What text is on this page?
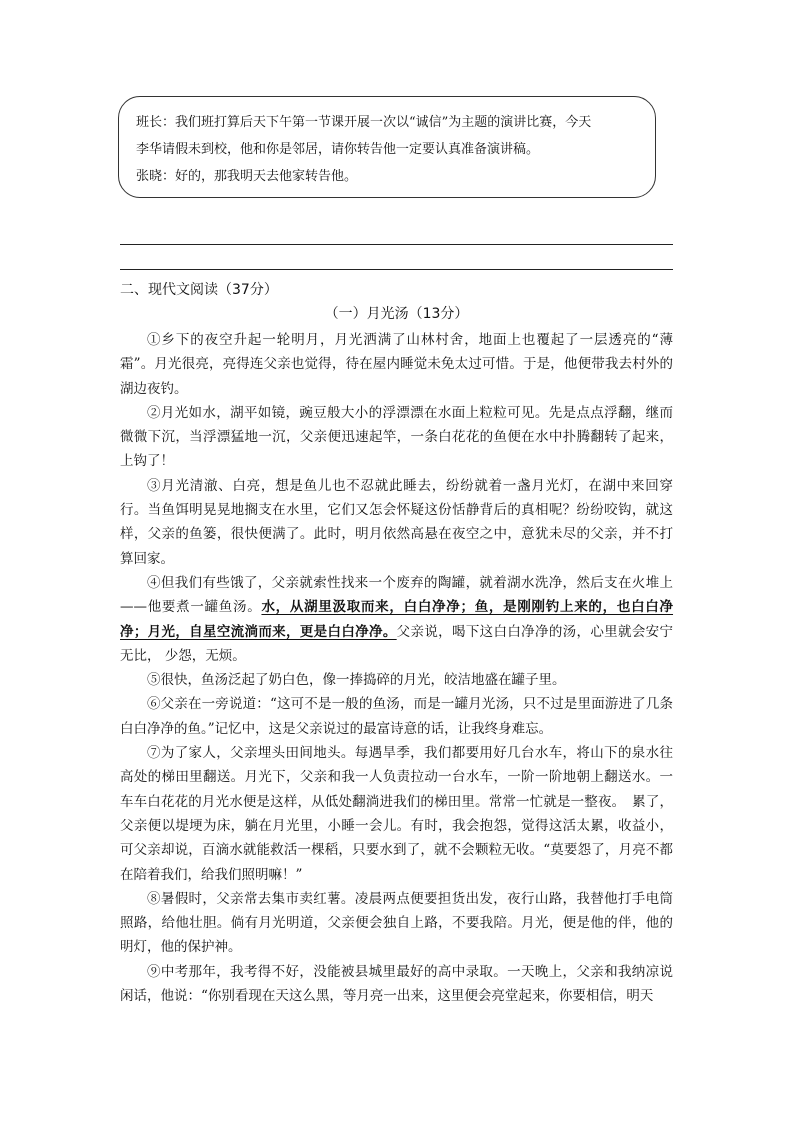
班长：我们班打算后天下午第一节课开展一次以“诚信”为主题的演讲比赛，今天

李华请假未到校，他和你是邻居，请你转告他一定要认真准备演讲稿。

张晓：好的，那我明天去他家转告他。

二、现代文阅读（37分）
（一）月光汤（13分）

①乡下的夜空升起一轮明月，月光洒满了山林村舍，地面上也覆起了一层透亮的“薄霜”。月光很亮，亮得连父亲也觉得，待在屋内睡觉未免太过可惜。于是，他便带我去村外的湖边夜钓。

②月光如水，湖平如镜，豌豆般大小的浮漂漂在水面上粒粒可见。先是点点浮翻，继而微微下沉，当浮漂猛地一沉，父亲便迅速起竿，一条白花花的鱼便在水中扑腾翻转了起来，上钩了！

③月光清澈、白亮，想是鱼儿也不忍就此睡去，纷纷就着一盏月光灯，在湖中来回穿行。当鱼饵明晃晃地搁支在水里，它们又怎会怀疑这份恬静背后的真相呢？纷纷咬钩，就这样，父亲的鱼篓，很快便满了。此时，明月依然高悬在夜空之中，意犹未尽的父亲，并不打算回家。

④但我们有些饿了，父亲就索性找来一个废弃的陶罐，就着湖水洗净，然后支在火堆上——他要煮一罐鱼汤。水，从湖里汲取而来，白白净净；鱼，是刚刚钓上来的，也白白净净；月光，自星空流淌而来，更是白白净净。父亲说，喝下这白白净净的汤，心里就会安宁无比， 少怨，无烦。

⑤很快，鱼汤泛起了奶白色，像一捧捣碎的月光，皎洁地盛在罐子里。

⑥父亲在一旁说道：“这可不是一般的鱼汤，而是一罐月光汤，只不过是里面游进了几条白白净净的鱼。”记忆中，这是父亲说过的最富诗意的话，让我终身难忘。

⑦为了家人，父亲埋头田间地头。每遇旱季，我们都要用好几台水车，将山下的泉水往高处的梯田里翻送。月光下，父亲和我一人负责拉动一台水车，一阶一阶地朝上翻送水。一车车白花花的月光水便是这样，从低处翻淌进我们的梯田里。常常一忙就是一整夜。　累了，父亲便以堤埂为床，躺在月光里，小睡一会儿。有时，我会抱怨，觉得这活太累，收益小，可父亲却说，百滴水就能救活一棵稻，只要水到了，就不会颗粒无收。“莫要怨了，月亮不都在陪着我们，给我们照明嘛！”

⑧暑假时，父亲常去集市卖红薯。凌晨两点便要担货出发，夜行山路，我替他打手电筒照路，给他壮胆。倘有月光明道，父亲便会独自上路，不要我陪。月光，便是他的伴，他的明灯，他的保护神。

⑨中考那年，我考得不好，没能被县城里最好的高中录取。一天晚上，父亲和我纳凉说闲话，他说：“你别看现在天这么黑，等月亮一出来，这里便会亮堂起来，你要相信，明天
